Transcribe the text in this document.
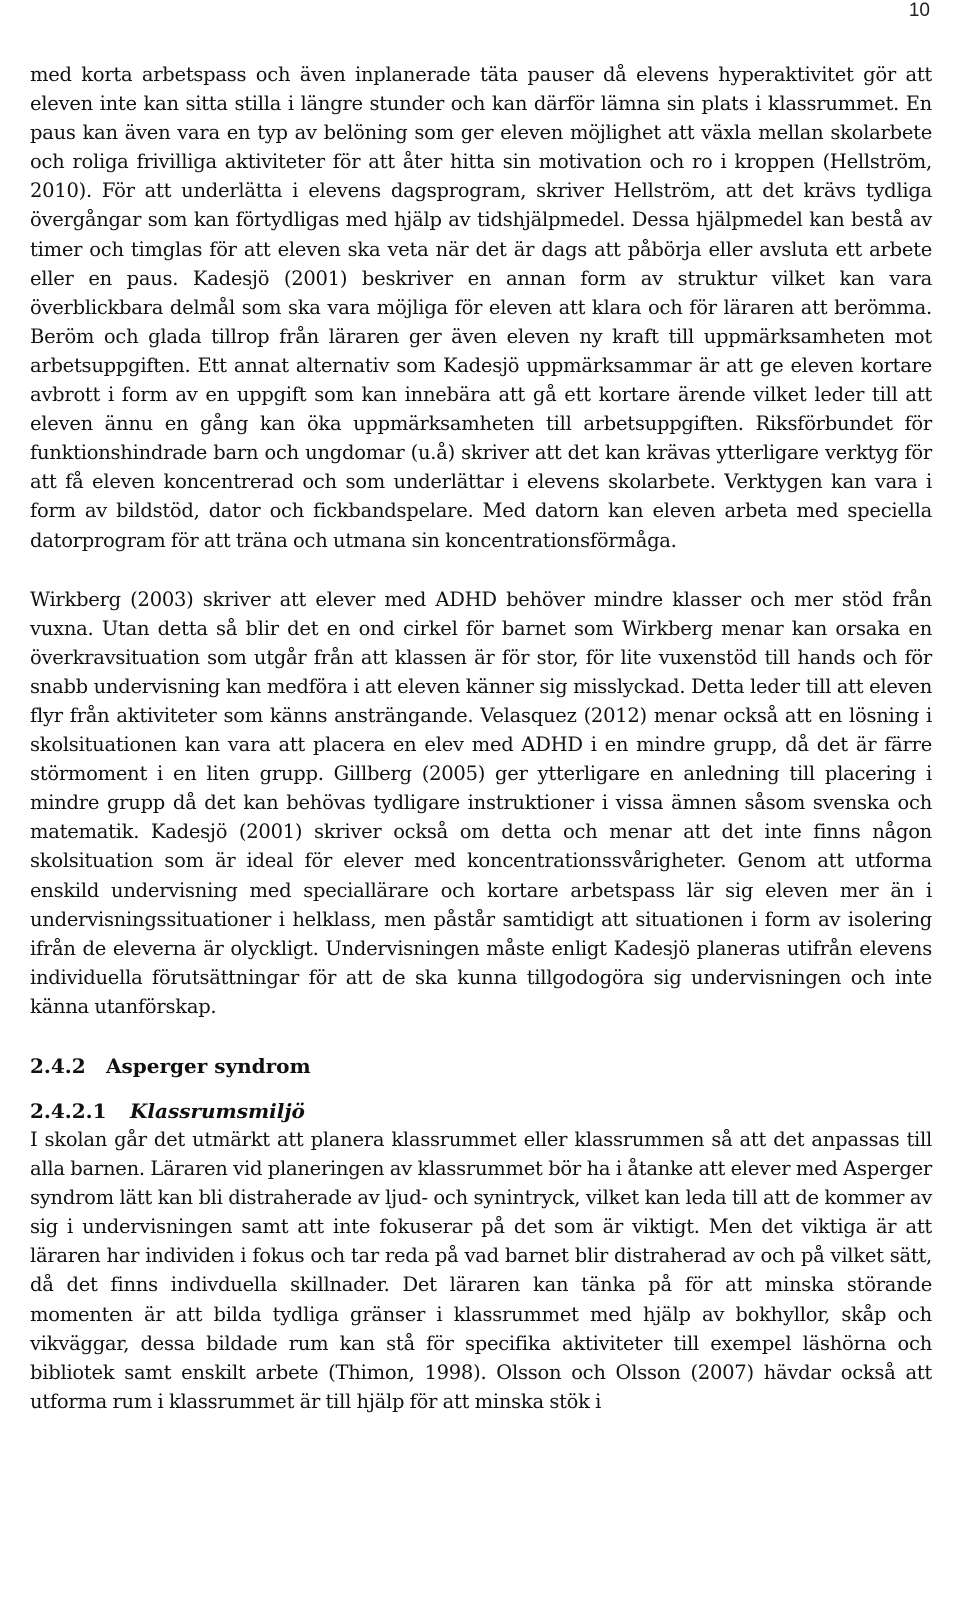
10

med korta arbetspass och även inplanerade täta pauser då elevens hyperaktivitet gör att eleven inte kan sitta stilla i längre stunder och kan därför lämna sin plats i klassrummet. En paus kan även vara en typ av belöning som ger eleven möjlighet att växla mellan skolarbete och roliga frivilliga aktiviteter för att åter hitta sin motivation och ro i kroppen (Hellström, 2010). För att underlätta i elevens dagsprogram, skriver Hellström, att det krävs tydliga övergångar som kan förtydligas med hjälp av tidshjälpmedel. Dessa hjälpmedel kan bestå av timer och timglas för att eleven ska veta när det är dags att påbörja eller avsluta ett arbete eller en paus. Kadesjö (2001) beskriver en annan form av struktur vilket kan vara överblickbara delmål som ska vara möjliga för eleven att klara och för läraren att berömma. Beröm och glada tillrop från läraren ger även eleven ny kraft till uppmärksamheten mot arbetsuppgiften. Ett annat alternativ som Kadesjö uppmärksammar är att ge eleven kortare avbrott i form av en uppgift som kan innebära att gå ett kortare ärende vilket leder till att eleven ännu en gång kan öka uppmärksamheten till arbetsuppgiften. Riksförbundet för funktionshindrade barn och ungdomar (u.å) skriver att det kan krävas ytterligare verktyg för att få eleven koncentrerad och som underlättar i elevens skolarbete. Verktygen kan vara i form av bildstöd, dator och fickbandspelare. Med datorn kan eleven arbeta med speciella datorprogram för att träna och utmana sin koncentrationsförmåga.

Wirkberg (2003) skriver att elever med ADHD behöver mindre klasser och mer stöd från vuxna. Utan detta så blir det en ond cirkel för barnet som Wirkberg menar kan orsaka en överkravsituation som utgår från att klassen är för stor, för lite vuxenstöd till hands och för snabb undervisning kan medföra i att eleven känner sig misslyckad. Detta leder till att eleven flyr från aktiviteter som känns ansträngande. Velasquez (2012) menar också att en lösning i skolsituationen kan vara att placera en elev med ADHD i en mindre grupp, då det är färre störmoment i en liten grupp. Gillberg (2005) ger ytterligare en anledning till placering i mindre grupp då det kan behövas tydligare instruktioner i vissa ämnen såsom svenska och matematik. Kadesjö (2001) skriver också om detta och menar att det inte finns någon skolsituation som är ideal för elever med koncentrationssvårigheter. Genom att utforma enskild undervisning med speciallärare och kortare arbetspass lär sig eleven mer än i undervisningssituationer i helklass, men påstår samtidigt att situationen i form av isolering ifrån de eleverna är olyckligt. Undervisningen måste enligt Kadesjö planeras utifrån elevens individuella förutsättningar för att de ska kunna tillgodogöra sig undervisningen och inte känna utanförskap.

2.4.2 Asperger syndrom
2.4.2.1 Klassrumsmiljö

I skolan går det utmärkt att planera klassrummet eller klassrummen så att det anpassas till alla barnen. Läraren vid planeringen av klassrummet bör ha i åtanke att elever med Asperger syndrom lätt kan bli distraherade av ljud- och synintryck, vilket kan leda till att de kommer av sig i undervisningen samt att inte fokuserar på det som är viktigt. Men det viktiga är att läraren har individen i fokus och tar reda på vad barnet blir distraherad av och på vilket sätt, då det finns indivduella skillnader. Det läraren kan tänka på för att minska störande momenten är att bilda tydliga gränser i klassrummet med hjälp av bokhyllor, skåp och vikväggar, dessa bildade rum kan stå för specifika aktiviteter till exempel läshörna och bibliotek samt enskilt arbete (Thimon, 1998). Olsson och Olsson (2007) hävdar också att utforma rum i klassrummet är till hjälp för att minska stök i
